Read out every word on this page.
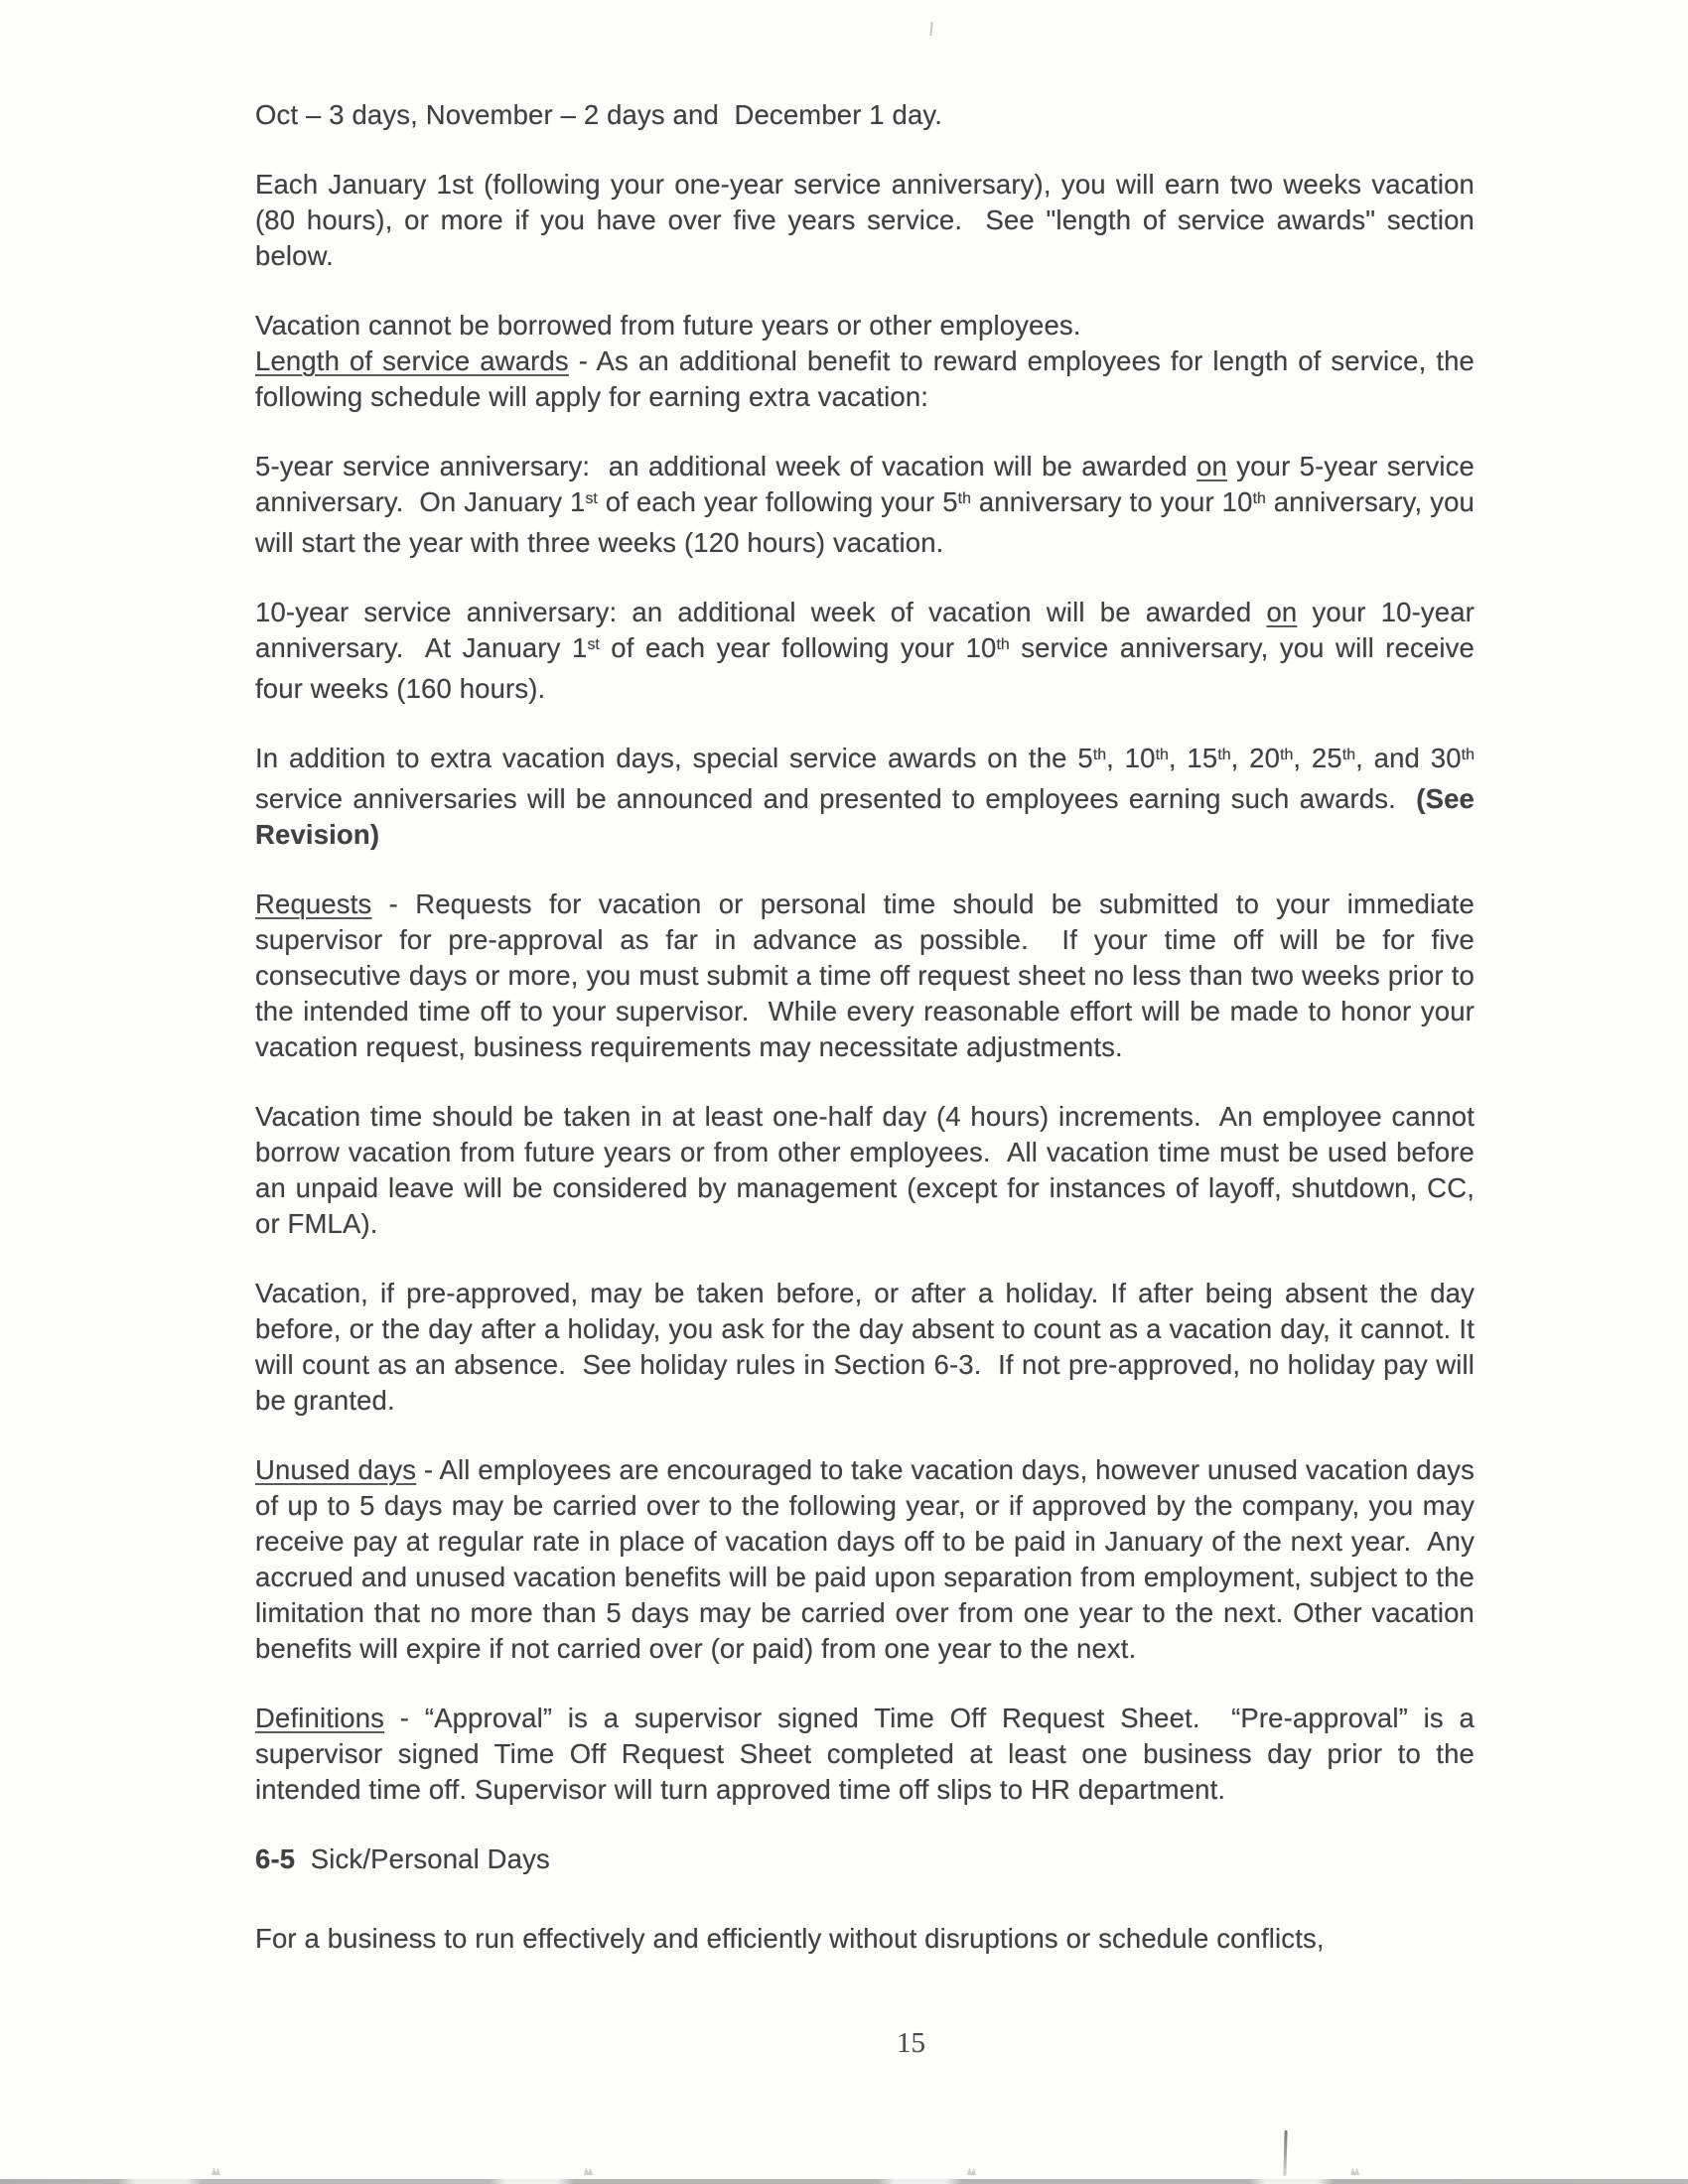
Oct – 3 days, November – 2 days and  December 1 day.

Each January 1st (following your one-year service anniversary), you will earn two weeks vacation (80 hours), or more if you have over five years service.  See "length of service awards" section below.

Vacation cannot be borrowed from future years or other employees.

Length of service awards - As an additional benefit to reward employees for length of service, the following schedule will apply for earning extra vacation:

5-year service anniversary:  an additional week of vacation will be awarded on your 5-year service anniversary.  On January 1st of each year following your 5th anniversary to your 10th anniversary, you will start the year with three weeks (120 hours) vacation.

10-year service anniversary: an additional week of vacation will be awarded on your 10-year anniversary.  At January 1st of each year following your 10th service anniversary, you will receive four weeks (160 hours).

In addition to extra vacation days, special service awards on the 5th, 10th, 15th, 20th, 25th, and 30th service anniversaries will be announced and presented to employees earning such awards.  (See Revision)

Requests - Requests for vacation or personal time should be submitted to your immediate supervisor for pre-approval as far in advance as possible.  If your time off will be for five consecutive days or more, you must submit a time off request sheet no less than two weeks prior to the intended time off to your supervisor.  While every reasonable effort will be made to honor your vacation request, business requirements may necessitate adjustments.

Vacation time should be taken in at least one-half day (4 hours) increments.  An employee cannot borrow vacation from future years or from other employees.  All vacation time must be used before an unpaid leave will be considered by management (except for instances of layoff, shutdown, CC, or FMLA).

Vacation, if pre-approved, may be taken before, or after a holiday. If after being absent the day before, or the day after a holiday, you ask for the day absent to count as a vacation day, it cannot. It will count as an absence.  See holiday rules in Section 6-3.  If not pre-approved, no holiday pay will be granted.

Unused days - All employees are encouraged to take vacation days, however unused vacation days of up to 5 days may be carried over to the following year, or if approved by the company, you may receive pay at regular rate in place of vacation days off to be paid in January of the next year.  Any accrued and unused vacation benefits will be paid upon separation from employment, subject to the limitation that no more than 5 days may be carried over from one year to the next. Other vacation benefits will expire if not carried over (or paid) from one year to the next.

Definitions - “Approval” is a supervisor signed Time Off Request Sheet.  “Pre-approval” is a supervisor signed Time Off Request Sheet completed at least one business day prior to the intended time off. Supervisor will turn approved time off slips to HR department.

6-5  Sick/Personal Days

For a business to run effectively and efficiently without disruptions or schedule conflicts,

15
